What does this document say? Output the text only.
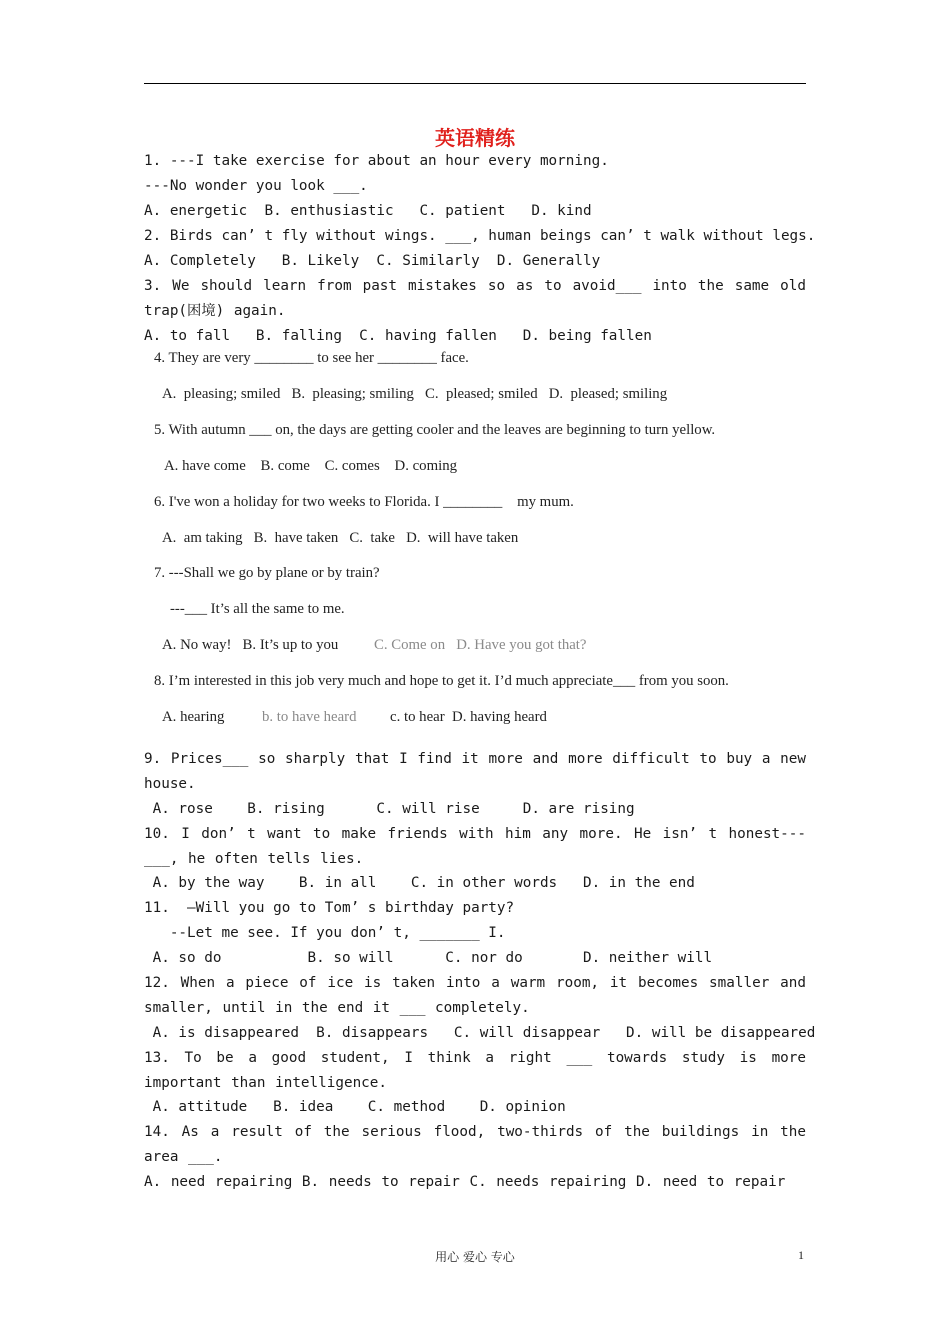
英语精练
1. ---I take exercise for about an hour every morning.
---No wonder you look ___.
A. energetic  B. enthusiastic   C. patient   D. kind
2. Birds can’ t fly without wings. ___, human beings can’ t walk without legs.
A. Completely   B. Likely  C. Similarly  D. Generally
3. We should learn from past mistakes so as to avoid___ into the same old trap(困境) again.
A. to fall   B. falling  C. having fallen   D. being fallen
4. They are very ________ to see her ________ face.
A.  pleasing; smiled   B.  pleasing; smiling   C.  pleased; smiled   D.  pleased; smiling
5. With autumn ___ on, the days are getting cooler and the leaves are beginning to turn yellow.
A. have come    B. come    C. comes    D. coming
6. I've won a holiday for two weeks to Florida. I ________    my mum.
A.  am taking   B.  have taken   C.  take   D.  will have taken
7. ---Shall we go by plane or by train?
---___ It’s all the same to me.
A. No way!   B. It’s up to you C. Come on   D. Have you got that?
8. I’m interested in this job very much and hope to get it. I’d much appreciate___ from you soon.
A. hearing	b. to have heard c. to hear  D. having heard
9. Prices___ so sharply that I find it more and more difficult to buy a new house.
A. rose    B. rising      C. will rise     D. are rising
10. I don’ t want to make friends with him any more. He isn’ t honest---___, he often tells lies.
A. by the way    B. in all    C. in other words   D. in the end
11.  –Will you go to Tom’ s birthday party?
--Let me see. If you don’ t, _______ I.
A. so do          B. so will      C. nor do       D. neither will
12. When a piece of ice is taken into a warm room, it becomes smaller and smaller, until in the end it ___ completely.
A. is disappeared  B. disappears   C. will disappear   D. will be disappeared
13. To be a good student, I think a right ___ towards study is more important than intelligence.
A. attitude   B. idea    C. method    D. opinion
14. As a result of the serious flood, two-thirds of the buildings in the area ___.
A. need repairing B. needs to repair C. needs repairing D. need to repair
用心 爱心 专心	1
